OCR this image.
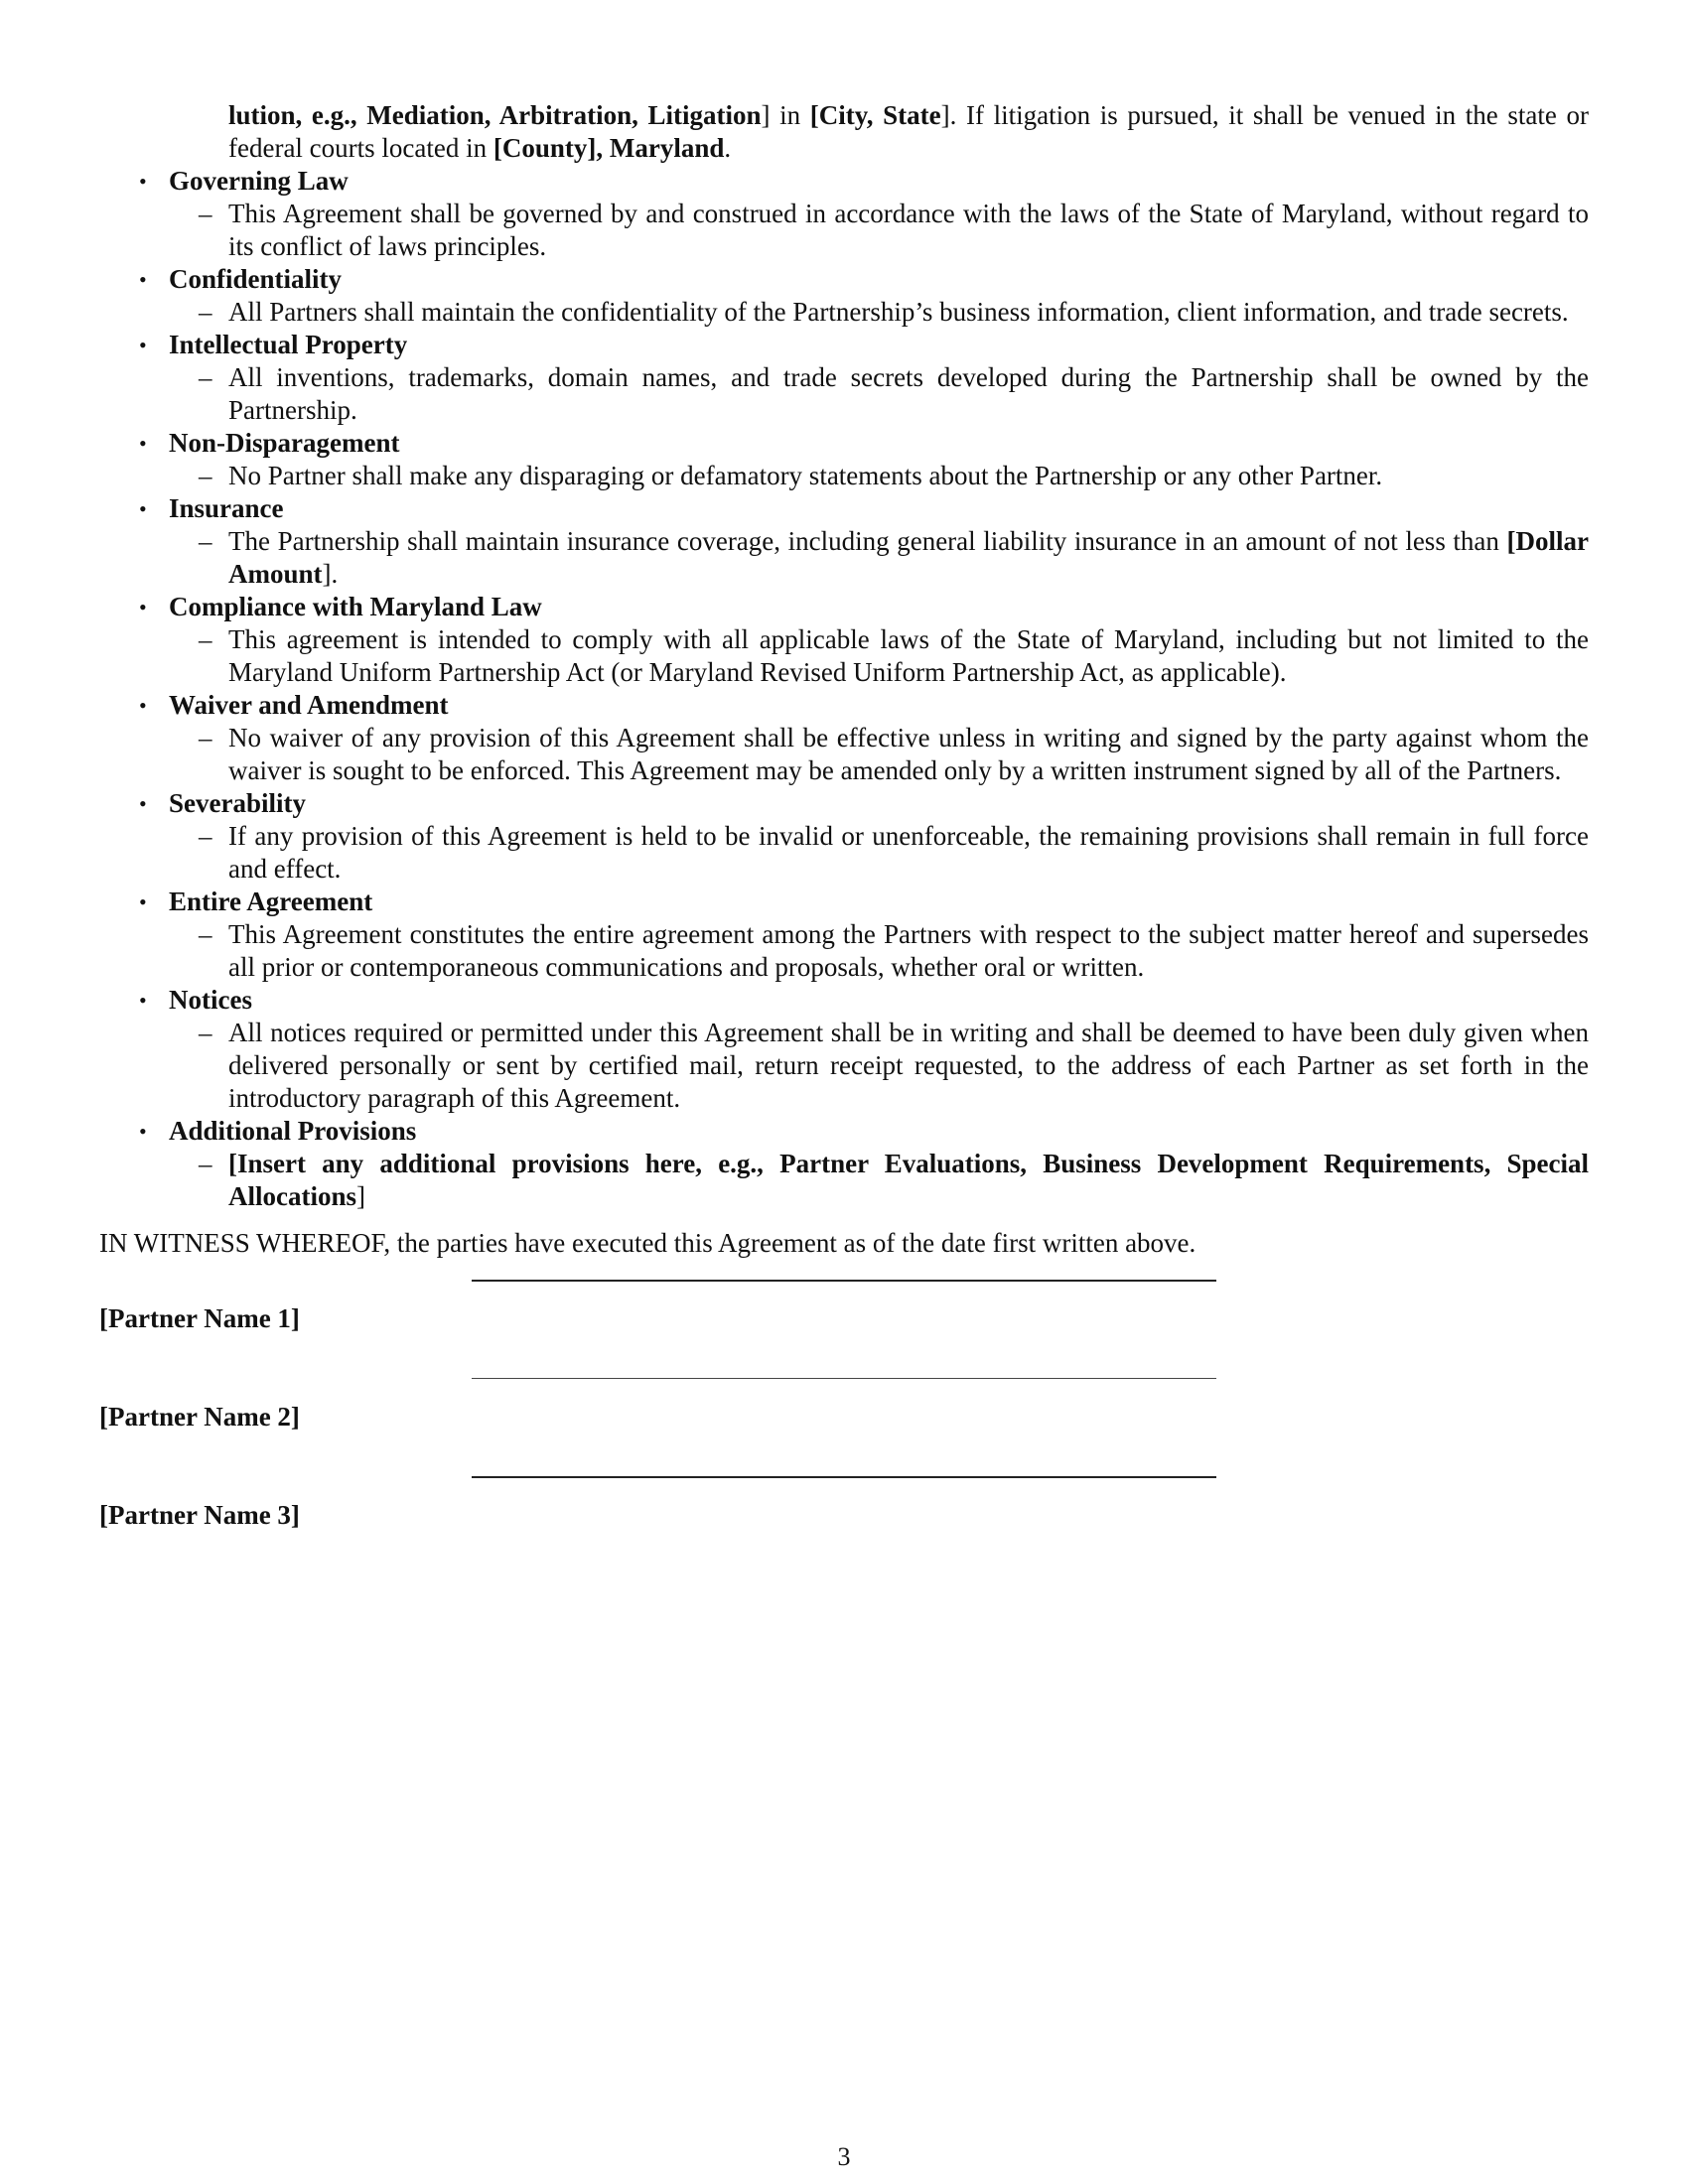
lution, e.g., Mediation, Arbitration, Litigation] in [City, State]. If litigation is pursued, it shall be venued in the state or federal courts located in [County], Maryland.

• Governing Law
– This Agreement shall be governed by and construed in accordance with the laws of the State of Maryland, without regard to its conflict of laws principles.
• Confidentiality
– All Partners shall maintain the confidentiality of the Partnership’s business information, client information, and trade secrets.
• Intellectual Property
– All inventions, trademarks, domain names, and trade secrets developed during the Partnership shall be owned by the Partnership.
• Non-Disparagement
– No Partner shall make any disparaging or defamatory statements about the Partnership or any other Partner.
• Insurance
– The Partnership shall maintain insurance coverage, including general liability insurance in an amount of not less than [Dollar Amount].
• Compliance with Maryland Law
– This agreement is intended to comply with all applicable laws of the State of Maryland, including but not limited to the Maryland Uniform Partnership Act (or Maryland Revised Uniform Partnership Act, as applicable).
• Waiver and Amendment
– No waiver of any provision of this Agreement shall be effective unless in writing and signed by the party against whom the waiver is sought to be enforced. This Agreement may be amended only by a written instrument signed by all of the Partners.
• Severability
– If any provision of this Agreement is held to be invalid or unenforceable, the remaining provisions shall remain in full force and effect.
• Entire Agreement
– This Agreement constitutes the entire agreement among the Partners with respect to the subject matter hereof and supersedes all prior or contemporaneous communications and proposals, whether oral or written.
• Notices
– All notices required or permitted under this Agreement shall be in writing and shall be deemed to have been duly given when delivered personally or sent by certified mail, return receipt requested, to the address of each Partner as set forth in the introductory paragraph of this Agreement.
• Additional Provisions
– [Insert any additional provisions here, e.g., Partner Evaluations, Business Development Requirements, Special Allocations]

IN WITNESS WHEREOF, the parties have executed this Agreement as of the date first written above.

[Partner Name 1]
[Partner Name 2]
[Partner Name 3]
3
